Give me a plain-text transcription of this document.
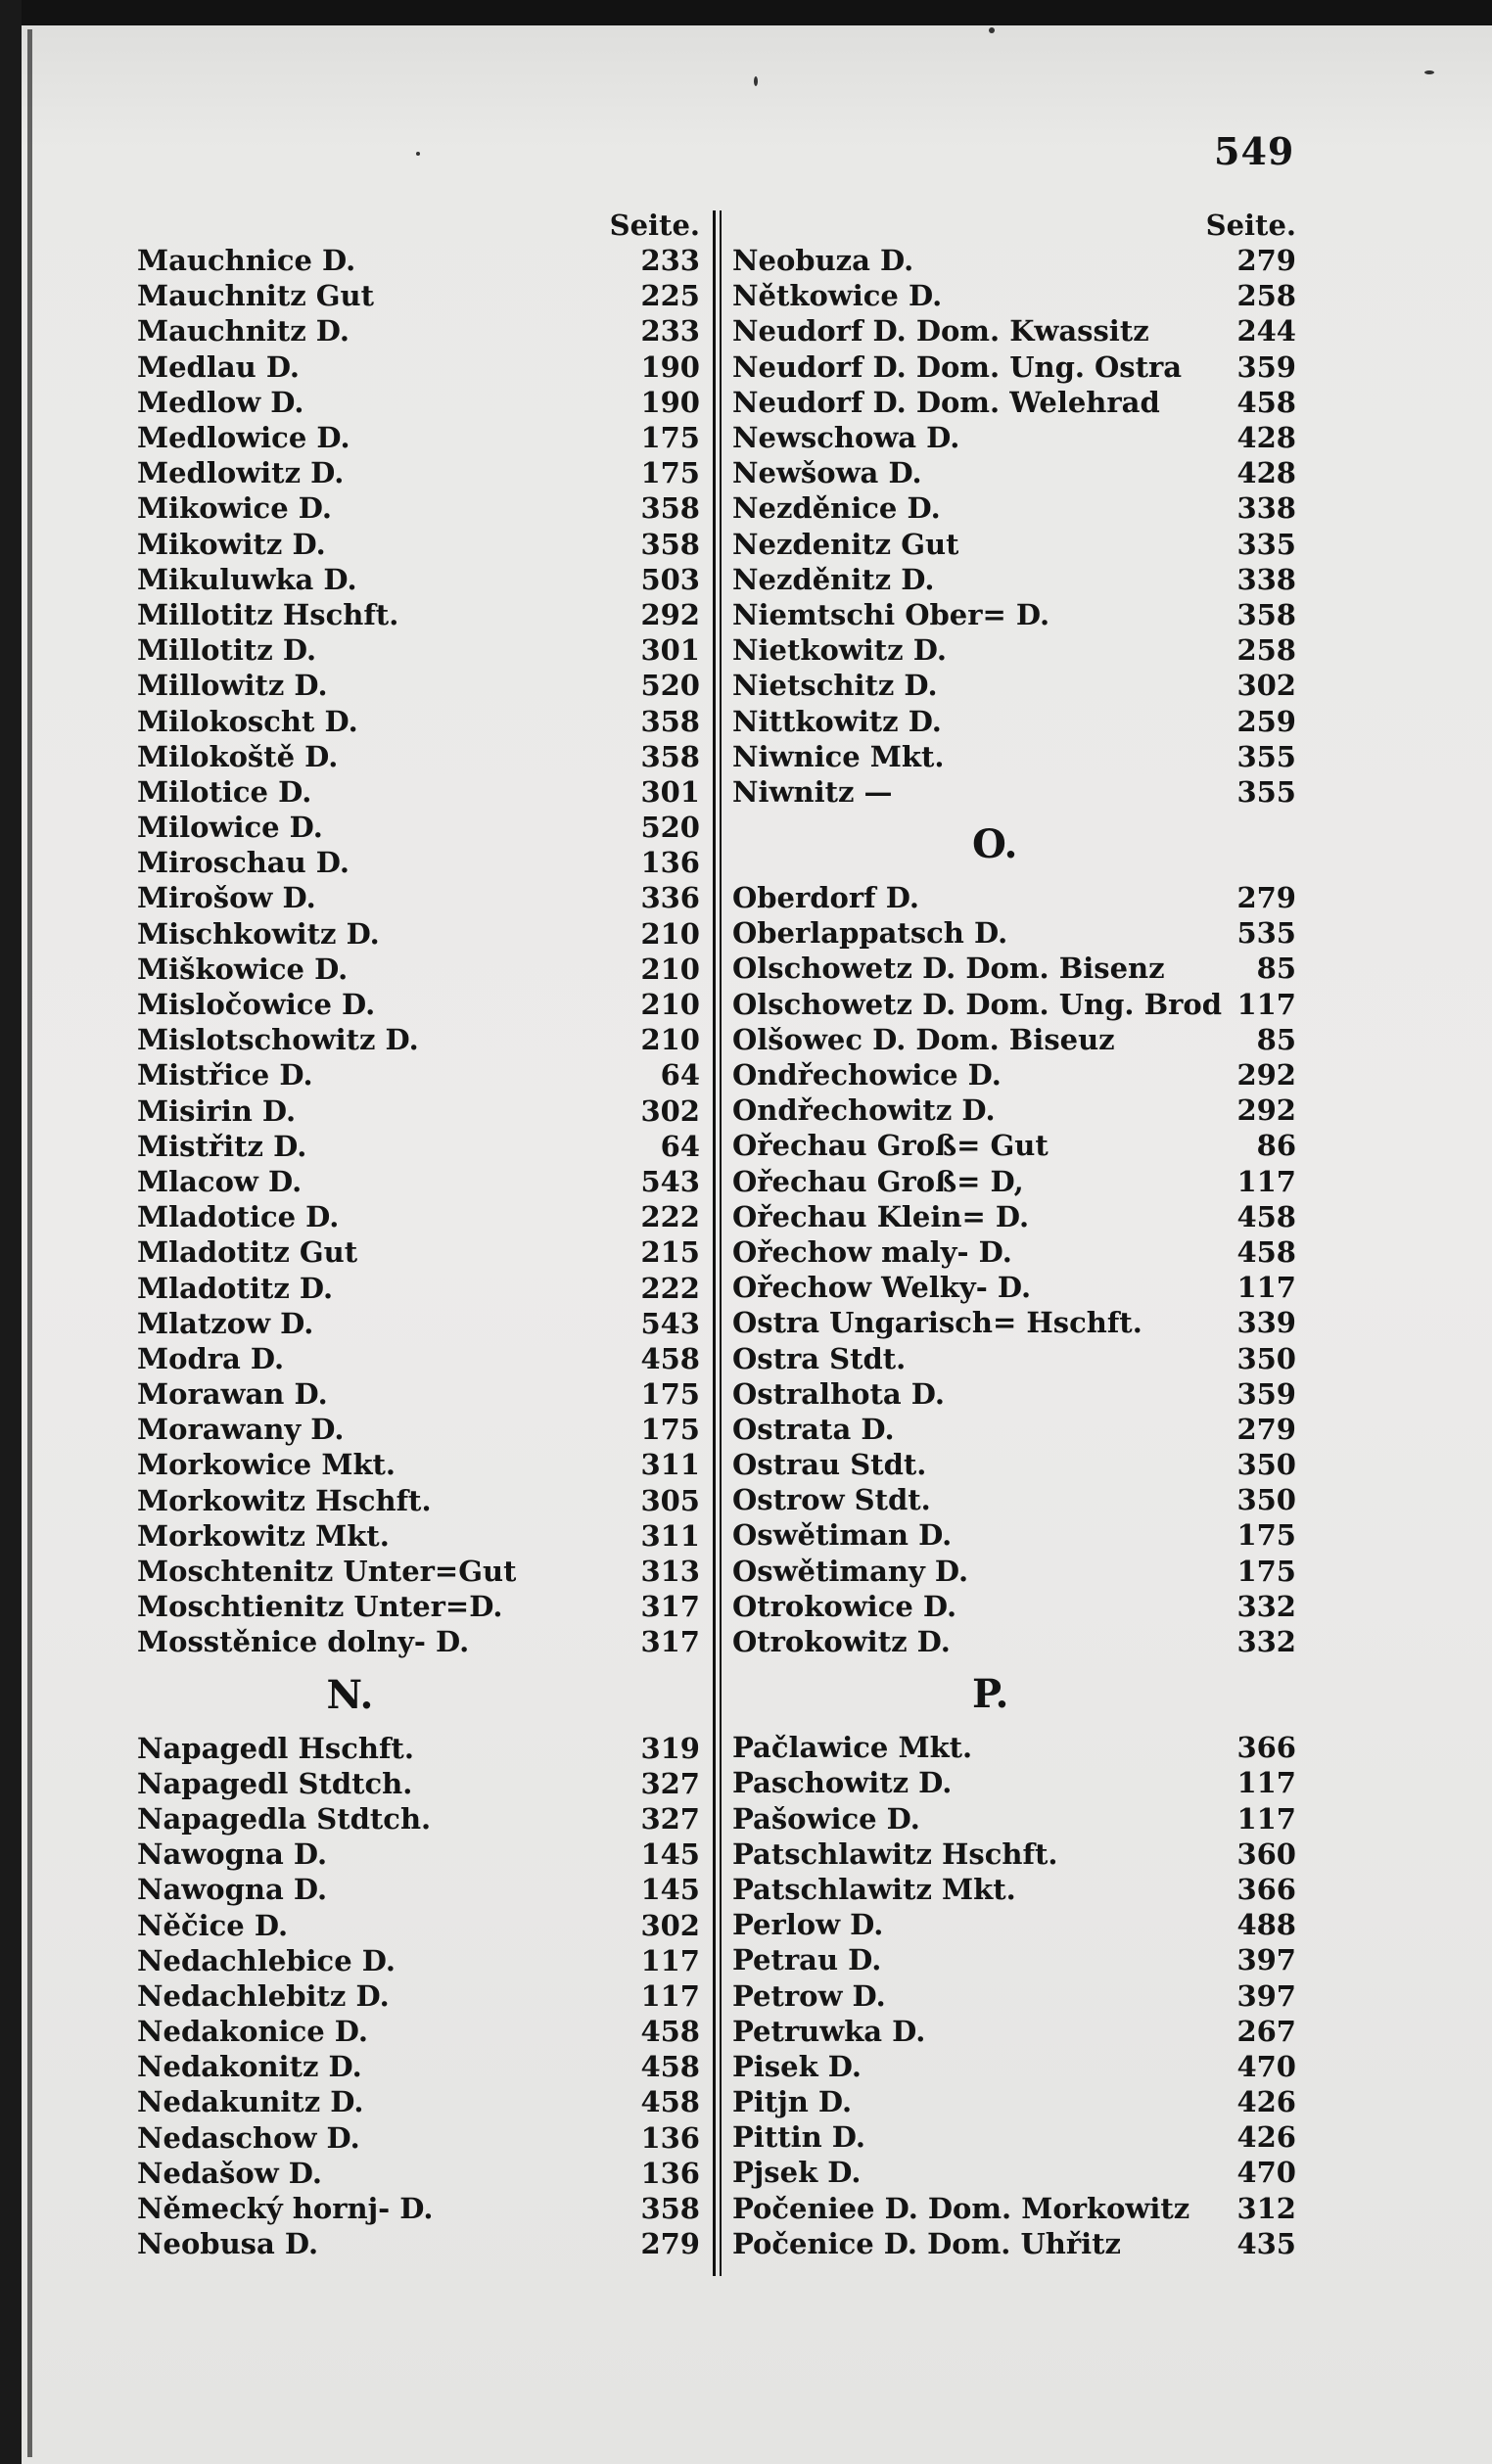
549
Seite.
Mauchnice D.	233
Mauchnitz Gut	225
Mauchnitz D.	233
Medlau D.	190
Medlow D.	190
Medlowice D.	175
Medlowitz D.	175
Mikowice D.	358
Mikowitz D.	358
Mikuluwka D.	503
Millotitz Hschft.	292
Millotitz D.	301
Millowitz D.	520
Milokoscht D.	358
Milokoště D.	358
Milotice D.	301
Milowice D.	520
Miroschau D.	136
Mirošow D.	336
Mischkowitz D.	210
Miškowice D.	210
Misločowice D.	210
Mislotschowitz D.	210
Mistřice D.	64
Misirin D.	302
Mistřitz D.	64
Mlacow D.	543
Mladotice D.	222
Mladotitz Gut	215
Mladotitz D.	222
Mlatzow D.	543
Modra D.	458
Morawan D.	175
Morawany D.	175
Morkowice Mkt.	311
Morkowitz Hschft.	305
Morkowitz Mkt.	311
Moschtenitz Unter=Gut	313
Moschtienitz Unter=D.	317
Mosstěnice dolny- D.	317
N.
Napagedl Hschft.	319
Napagedl Stdtch.	327
Napagedla Stdtch.	327
Nawogna D.	145
Nawogna D.	145
Něčice D.	302
Nedachlebice D.	117
Nedachlebitz D.	117
Nedakonice D.	458
Nedakonitz D.	458
Nedakunitz D.	458
Nedaschow D.	136
Nedašow D.	136
Německý hornj- D.	358
Neobusa D.	279
Seite.
Neobuza D.	279
Nětkowice D.	258
Neudorf D. Dom. Kwassitz	244
Neudorf D. Dom. Ung. Ostra	359
Neudorf D. Dom. Welehrad	458
Newschowa D.	428
Newšowa D.	428
Nezděnice D.	338
Nezdenitz Gut	335
Nezděnitz D.	338
Niemtschi Ober= D.	358
Nietkowitz D.	258
Nietschitz D.	302
Nittkowitz D.	259
Niwnice Mkt.	355
Niwnitz —	355
O.
Oberdorf D.	279
Oberlappatsch D.	535
Olschowetz D. Dom. Bisenz	85
Olschowetz D. Dom. Ung. Brod 117
Olšowec D. Dom. Biseuz	85
Ondřechowice D.	292
Ondřechowitz D.	292
Ořechau Groß= Gut	86
Ořechau Groß= D,	117
Ořechau Klein= D.	458
Ořechow maly- D.	458
Ořechow Welky- D.	117
Ostra Ungarisch= Hschft.	339
Ostra Stdt.	350
Ostralhota D.	359
Ostrata D.	279
Ostrau Stdt.	350
Ostrow Stdt.	350
Oswětiman D.	175
Oswětimany D.	175
Otrokowice D.	332
Otrokowitz D.	332
P.
Pačlawice Mkt.	366
Paschowitz D.	117
Pašowice D.	117
Patschlawitz Hschft.	360
Patschlawitz Mkt.	366
Perlow D.	488
Petrau D.	397
Petrow D.	397
Petruwka D.	267
Pisek D.	470
Pitjn D.	426
Pittin D.	426
Pjsek D.	470
Počeniee D. Dom. Morkowitz	312
Počenice D. Dom. Uhřitz	435
